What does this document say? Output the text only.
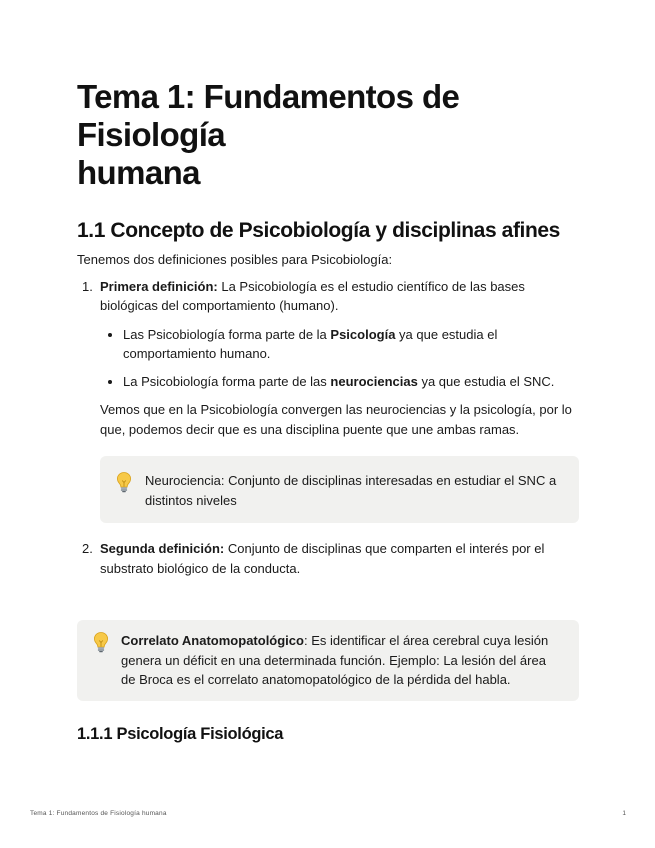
Tema 1: Fundamentos de
Fisiología
humana
1.1 Concepto de Psicobiología y disciplinas afines

Tenemos dos definiciones posibles para Psicobiología:

1. Primera definición: La Psicobiología es el estudio científico de las bases biológicas del comportamiento (humano).
Las Psicobiología forma parte de la Psicología ya que estudia el comportamiento humano.
La Psicobiología forma parte de las neurociencias ya que estudia el SNC.

Vemos que en la Psicobiología convergen las neurociencias y la psicología, por lo que, podemos decir que es una disciplina puente que une ambas ramas.

Neurociencia: Conjunto de disciplinas interesadas en estudiar el SNC a distintos niveles
2. Segunda definición: Conjunto de disciplinas que comparten el interés por el substrato biológico de la conducta.
Correlato Anatomopatológico: Es identificar el área cerebral cuya lesión genera un déficit en una determinada función. Ejemplo: La lesión del área de Broca es el correlato anatomopatológico de la pérdida del habla.
1.1.1 Psicología Fisiológica
Tema 1: Fundamentos de Fisiología humana	1
